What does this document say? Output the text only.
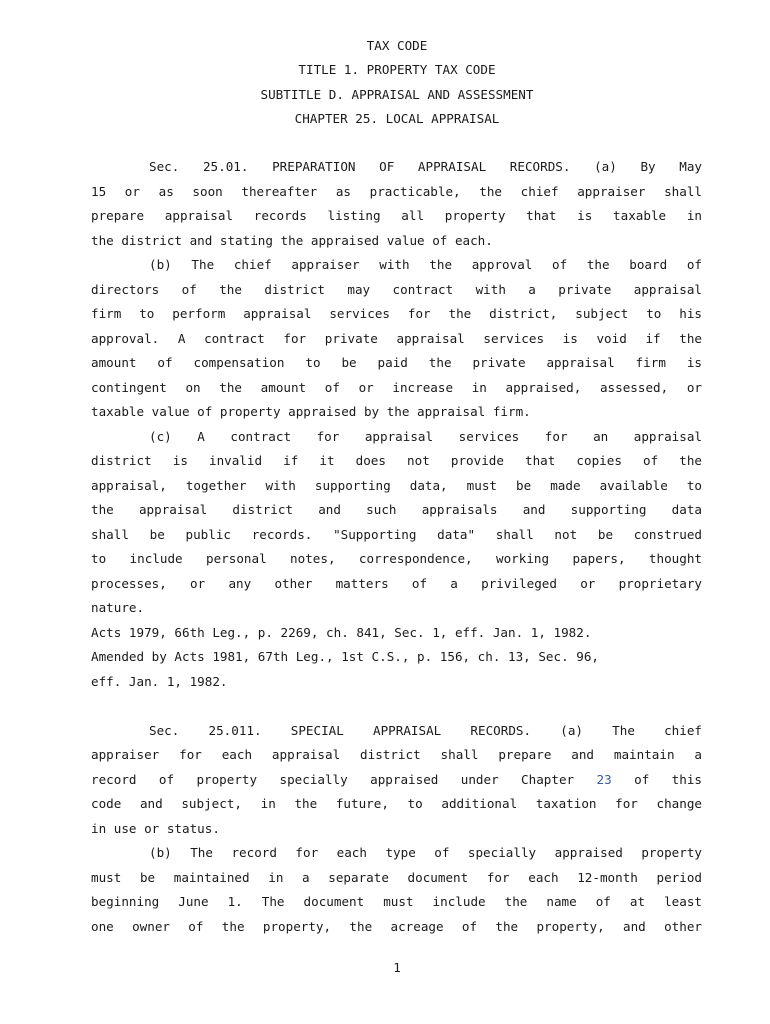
TAX CODE
TITLE 1. PROPERTY TAX CODE
SUBTITLE D. APPRAISAL AND ASSESSMENT
CHAPTER 25. LOCAL APPRAISAL
Sec. 25.01. PREPARATION OF APPRAISAL RECORDS. (a) By May
15 or as soon thereafter as practicable, the chief appraiser shall
prepare appraisal records listing all property that is taxable in
the district and stating the appraised value of each.
(b) The chief appraiser with the approval of the board of
directors of the district may contract with a private appraisal
firm to perform appraisal services for the district, subject to his
approval. A contract for private appraisal services is void if the
amount of compensation to be paid the private appraisal firm is
contingent on the amount of or increase in appraised, assessed, or
taxable value of property appraised by the appraisal firm.
(c) A contract for appraisal services for an appraisal
district is invalid if it does not provide that copies of the
appraisal, together with supporting data, must be made available to
the appraisal district and such appraisals and supporting data
shall be public records. "Supporting data" shall not be construed
to include personal notes, correspondence, working papers, thought
processes, or any other matters of a privileged or proprietary
nature.
Acts 1979, 66th Leg., p. 2269, ch. 841, Sec. 1, eff. Jan. 1, 1982.
Amended by Acts 1981, 67th Leg., 1st C.S., p. 156, ch. 13, Sec. 96,
eff. Jan. 1, 1982.
Sec. 25.011. SPECIAL APPRAISAL RECORDS. (a) The chief
appraiser for each appraisal district shall prepare and maintain a
record of property specially appraised under Chapter 23 of this
code and subject, in the future, to additional taxation for change
in use or status.
(b) The record for each type of specially appraised property
must be maintained in a separate document for each 12-month period
beginning June 1. The document must include the name of at least
one owner of the property, the acreage of the property, and other
1
